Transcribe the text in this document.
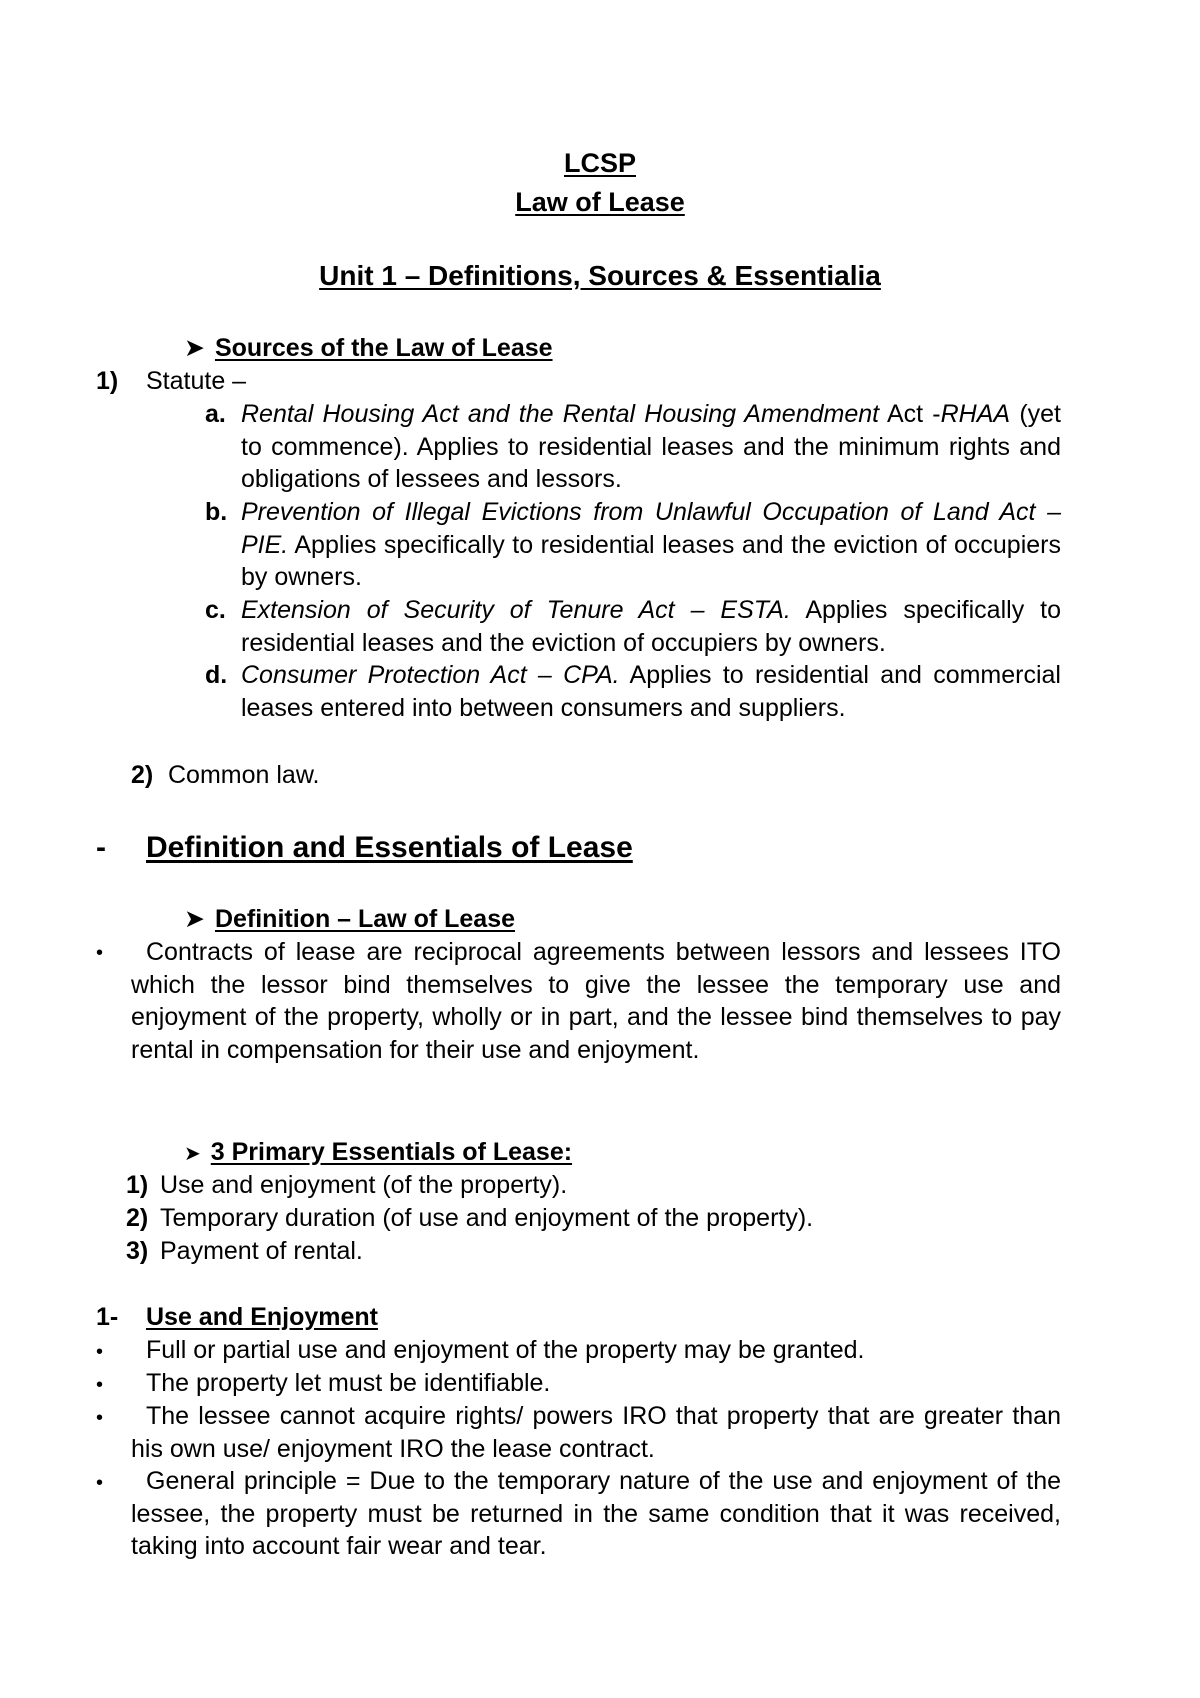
LCSP
Law of Lease
Unit 1 – Definitions, Sources & Essentialia
➤ Sources of the Law of Lease
1) Statute –
a. Rental Housing Act and the Rental Housing Amendment Act -RHAA (yet to commence). Applies to residential leases and the minimum rights and obligations of lessees and lessors.
b. Prevention of Illegal Evictions from Unlawful Occupation of Land Act – PIE. Applies specifically to residential leases and the eviction of occupiers by owners.
c. Extension of Security of Tenure Act – ESTA. Applies specifically to residential leases and the eviction of occupiers by owners.
d. Consumer Protection Act – CPA. Applies to residential and commercial leases entered into between consumers and suppliers.
2) Common law.
- Definition and Essentials of Lease
➤ Definition – Law of Lease
•	Contracts of lease are reciprocal agreements between lessors and lessees ITO which the lessor bind themselves to give the lessee the temporary use and enjoyment of the property, wholly or in part, and the lessee bind themselves to pay rental in compensation for their use and enjoyment.
➤ 3 Primary Essentials of Lease:
1) Use and enjoyment (of the property).
2) Temporary duration (of use and enjoyment of the property).
3) Payment of rental.
1- Use and Enjoyment
•	Full or partial use and enjoyment of the property may be granted.
•	The property let must be identifiable.
•	The lessee cannot acquire rights/ powers IRO that property that are greater than his own use/ enjoyment IRO the lease contract.
•	General principle = Due to the temporary nature of the use and enjoyment of the lessee, the property must be returned in the same condition that it was received, taking into account fair wear and tear.
